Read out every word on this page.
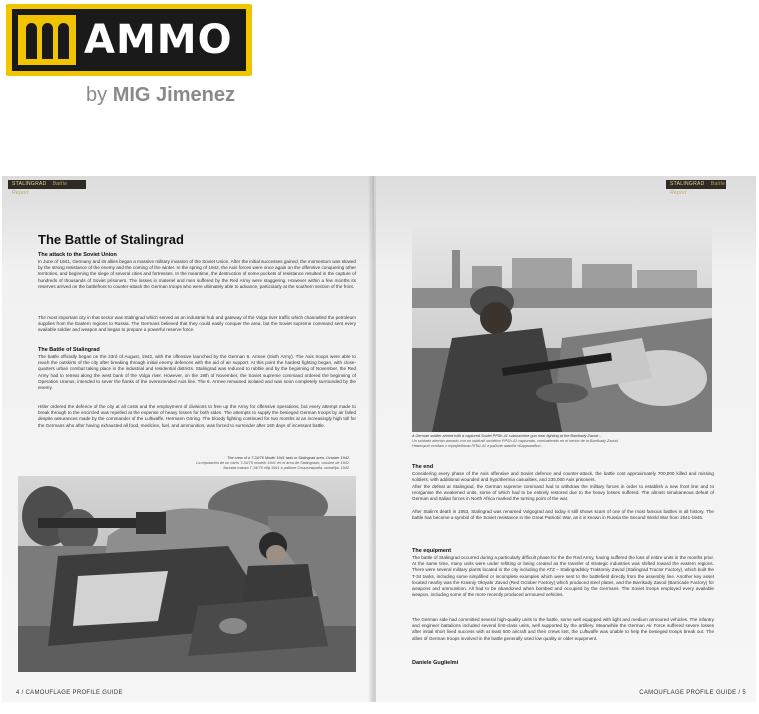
AMMO
by MIG Jimenez
STALINGRAD Battle Report
The Battle of Stalingrad
The attack to the Soviet Union
In June of 1941, Germany and its allies began a massive military invasion of the Soviet Union. After the initial successes gained, the momentum was slowed by the strong resistance of the enemy and the coming of the winter. In the spring of 1942, the Axis forces were once again on the offensive conquering other territories, and beginning the siege of several cities and fortresses. In the meantime, the destruction of some pockets of resistance resulted in the capture of hundreds of thousands of Soviet prisoners. The losses in materiel and men suffered by the Red Army were staggering. However within a few months its reserves arrived on the battlefront to counter-attack the German troops who were ultimately able to advance, particularly at the southern section of the front.
The most important city in that sector was Stalingrad which served as an industrial hub and gateway of the Volga river traffic which channelled the petroleum supplies from the Eastern regions to Russia. The Germans believed that they could easily conquer the area, but the Soviet supreme command sent every available soldier and weapon and began to prepare a powerful reserve force.
The Battle of Stalingrad
The battle officially began on the 23rd of August, 1942, with the offensive launched by the German 6. Armee (Sixth Army). The Axis troops were able to reach the outskirts of the city after breaking through initial enemy defences with the aid of air support. At this point the hardest fighting began, with close-quarters urban combat taking place in the industrial and residential districts. Stalingrad was reduced to rubble and by the beginning of November, the Red Army had to retreat along the west bank of the Volga river. However, on the 19th of November, the Soviet supreme command ordered the beginning of Operation Uranus, intended to sever the flanks of the overextended Axis line. The 6. Armee remained isolated and was soon completely surrounded by the enemy.
Hitler ordered the defence of the city at all costs and the employment of divisions to free up the Army for offensive operations, but every attempt made to break through to the encircled was repelled at the expense of heavy losses for both sides. The attempts to supply the besieged German troops by air failed despite assurances made by the commander of the Luftwaffe, Hermann Göring. The bloody fighting continued for two months at an increasingly high toll for the Germans who after having exhausted all food, medicine, fuel, and ammunition, was forced to surrender after 160 days of incessant battle.
The crew of a T-34/76 Model 1941 tank in Stalingrad area, October 1942.
La tripulación de un carro T-34/76 modelo 1941 en el área de Stalingrado, octubre de 1942.
Экипаж танка Т-34/76 обр.1941 в районе Сталинграда, октябрь 1942.
4 / CAMOUFLAGE PROFILE GUIDE
STALINGRAD Battle Report
A German soldier armed with a captured Soviet PPSh-41 submachine gun near fighting at the Barrikady Zavod ...
Un soldado alemán armado con un subfusil soviético PPSh-41 capturado, combatiendo en el sector de la Barrikady Zavod.
Немецкий солдат с трофейным ППШ-41 в районе завода «Баррикады».
The end
Considering every phase of the Axis offensive and Soviet defence and counter-attack, the battle cost approximately 700,000 killed and missing soldiers, with additional wounded and hypothermia casualties, and 235,000 Axis prisoners.
After the defeat at Stalingrad, the German supreme command had to withdraw the military forces in order to establish a new front line and to reorganise the weakened units, some of which had to be entirely restored due to the heavy losses suffered. The almost simultaneous defeat of German and Italian forces in North Africa marked the turning point of the war.
After Stalin's death in 1953, Stalingrad was renamed Volgograd and today it still shows scars of one of the most famous battles in all history. The battle has become a symbol of the Soviet resistance in the Great Patriotic War, as it is known in Russia the Second World War from 1941-1945.
The equipment
The battle of Stalingrad occurred during a particularly difficult phase for the the Red Army, having suffered the loss of entire units in the months prior. At the same time, many units were under refitting or being created as the transfer of strategic industries was shifted toward the eastern regions. There were several military plants located in the city including the ATZ – Stalingradskiy Traktorniy Zavod (Stalingrad Tractor Factory), which built the T-34 tanks, including some simplified or incomplete examples which were sent to the battlefield directly from the assembly line. Another key asset located nearby was the Krasniy Oktyabr Zavod (Red October Factory) which produced steel plates, and the Barrikady Zavod (Barricade Factory) for weapons and ammunition. All had to be abandoned when bombed and occupied by the Germans. The Soviet troops employed every available weapon, including some of the more recently produced armoured vehicles.
The German side had committed several high-quality units to the battle, some well equipped with light and medium armoured vehicles. The infantry and engineer battalions included several first-class units, well supported by the artillery. Meanwhile the German Air Force suffered severe losses after initial short lived success with at least 500 aircraft and their crews lost, the Luftwaffe was unable to help the besieged troops break out. The allies of German troops involved in the battle generally used low quality or older equipment.
Daniele Guglielmi
CAMOUFLAGE PROFILE GUIDE / 5
